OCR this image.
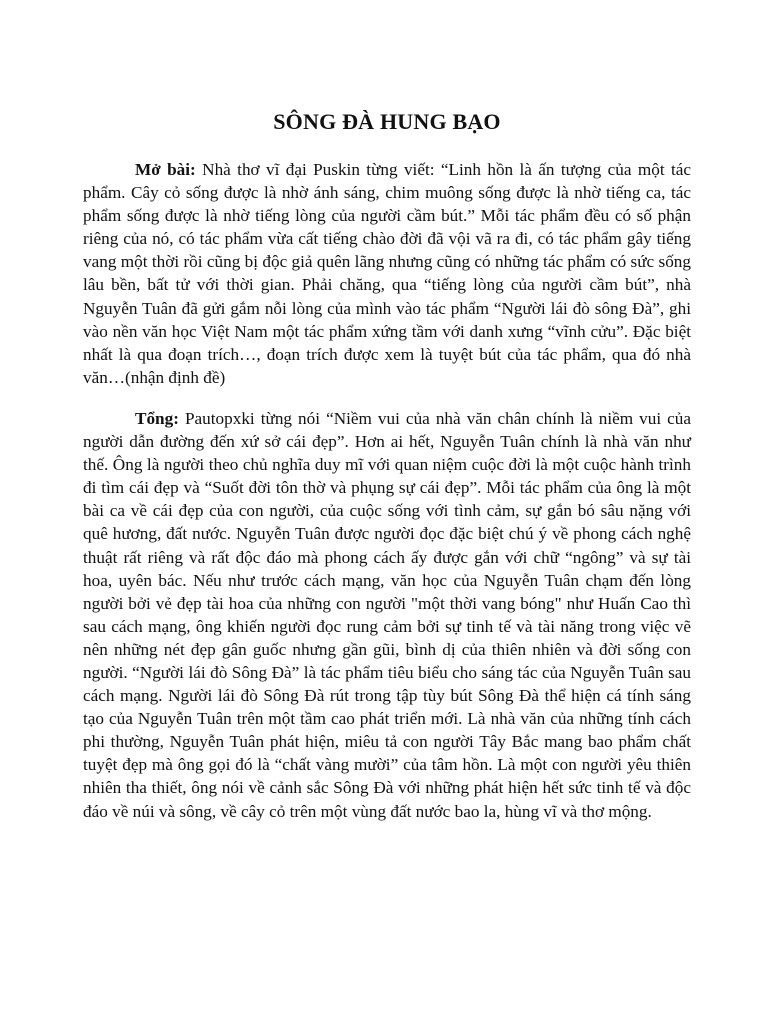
SÔNG ĐÀ HUNG BẠO

Mở bài: Nhà thơ vĩ đại Puskin từng viết: “Linh hồn là ấn tượng của một tác phẩm. Cây cỏ sống được là nhờ ánh sáng, chim muông sống được là nhờ tiếng ca, tác phẩm sống được là nhờ tiếng lòng của người cầm bút.” Mỗi tác phẩm đều có số phận riêng của nó, có tác phẩm vừa cất tiếng chào đời đã vội vã ra đi, có tác phẩm gây tiếng vang một thời rồi cũng bị độc giả quên lãng nhưng cũng có những tác phẩm có sức sống lâu bền, bất tử với thời gian. Phải chăng, qua “tiếng lòng của người cầm bút”, nhà Nguyễn Tuân đã gửi gắm nỗi lòng của mình vào tác phẩm “Người lái đò sông Đà”, ghi vào nền văn học Việt Nam một tác phẩm xứng tầm với danh xưng “vĩnh cửu”. Đặc biệt nhất là qua đoạn trích…, đoạn trích được xem là tuyệt bút của tác phẩm, qua đó nhà văn…(nhận định đề)

Tổng: Pautopxki từng nói “Niềm vui của nhà văn chân chính là niềm vui của người dẫn đường đến xứ sở cái đẹp”. Hơn ai hết, Nguyễn Tuân chính là nhà văn như thế. Ông là người theo chủ nghĩa duy mĩ với quan niệm cuộc đời là một cuộc hành trình đi tìm cái đẹp và “Suốt đời tôn thờ và phụng sự cái đẹp”. Mỗi tác phẩm của ông là một bài ca về cái đẹp của con người, của cuộc sống với tình cảm, sự gắn bó sâu nặng với quê hương, đất nước. Nguyễn Tuân được người đọc đặc biệt chú ý về phong cách nghệ thuật rất riêng và rất độc đáo mà phong cách ấy được gắn với chữ “ngông” và sự tài hoa, uyên bác. Nếu như trước cách mạng, văn học của Nguyễn Tuân chạm đến lòng người bởi vẻ đẹp tài hoa của những con người "một thời vang bóng" như Huấn Cao thì sau cách mạng, ông khiến người đọc rung cảm bởi sự tinh tế và tài năng trong việc vẽ nên những nét đẹp gân guốc nhưng gần gũi, bình dị của thiên nhiên và đời sống con người. “Người lái đò Sông Đà” là tác phẩm tiêu biểu cho sáng tác của Nguyễn Tuân sau cách mạng. Người lái đò Sông Đà rút trong tập tùy bút Sông Đà thể hiện cá tính sáng tạo của Nguyễn Tuân trên một tầm cao phát triển mới. Là nhà văn của những tính cách phi thường, Nguyễn Tuân phát hiện, miêu tả con người Tây Bắc mang bao phẩm chất tuyệt đẹp mà ông gọi đó là “chất vàng mười” của tâm hồn. Là một con người yêu thiên nhiên tha thiết, ông nói về cảnh sắc Sông Đà với những phát hiện hết sức tinh tế và độc đáo về núi và sông, về cây cỏ trên một vùng đất nước bao la, hùng vĩ và thơ mộng.
